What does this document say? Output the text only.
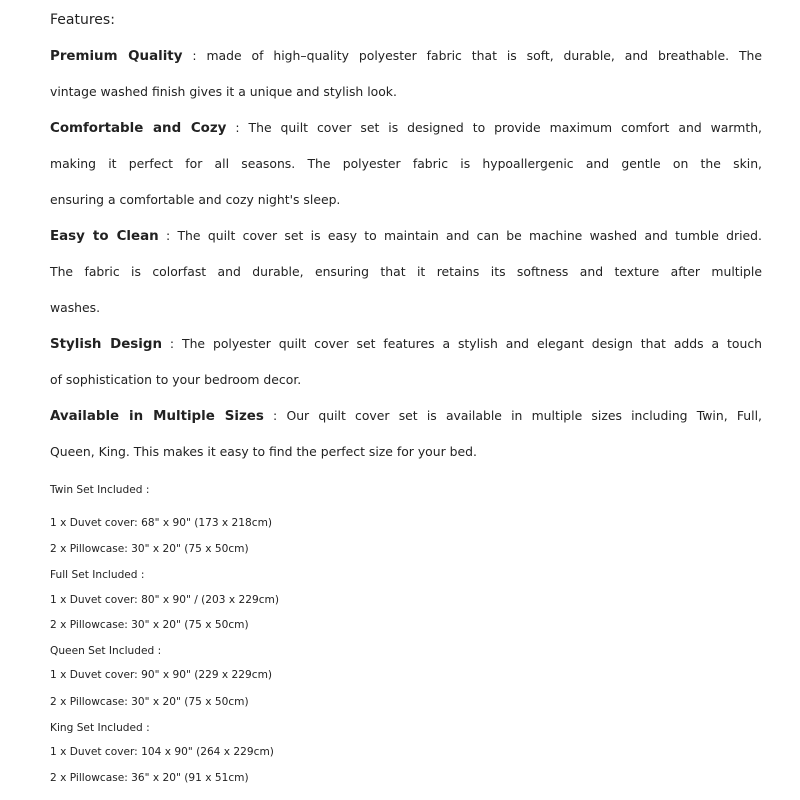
Features:
Premium Quality : made of high–quality polyester fabric that is soft, durable, and breathable. The
vintage washed finish gives it a unique and stylish look.
Comfortable and Cozy : The quilt cover set is designed to provide maximum comfort and warmth,
making it perfect for all seasons. The polyester fabric is hypoallergenic and gentle on the skin,
ensuring a comfortable and cozy night's sleep.
Easy to Clean : The quilt cover set is easy to maintain and can be machine washed and tumble dried.
The fabric is colorfast and durable, ensuring that it retains its softness and texture after multiple
washes.
Stylish Design : The polyester quilt cover set features a stylish and elegant design that adds a touch
of sophistication to your bedroom decor.
Available in Multiple Sizes : Our quilt cover set is available in multiple sizes including Twin, Full,
Queen, King. This makes it easy to find the perfect size for your bed.
Twin Set Included :
1 x Duvet cover: 68" x 90" (173 x 218cm)
2 x Pillowcase: 30" x 20" (75 x 50cm)
Full Set Included :
1 x Duvet cover: 80" x 90" / (203 x 229cm)
2 x Pillowcase: 30" x 20" (75 x 50cm)
Queen Set Included :
1 x Duvet cover: 90" x 90" (229 x 229cm)
2 x Pillowcase: 30" x 20" (75 x 50cm)
King Set Included :
1 x Duvet cover: 104 x 90" (264 x 229cm)
2 x Pillowcase: 36" x 20" (91 x 51cm)
